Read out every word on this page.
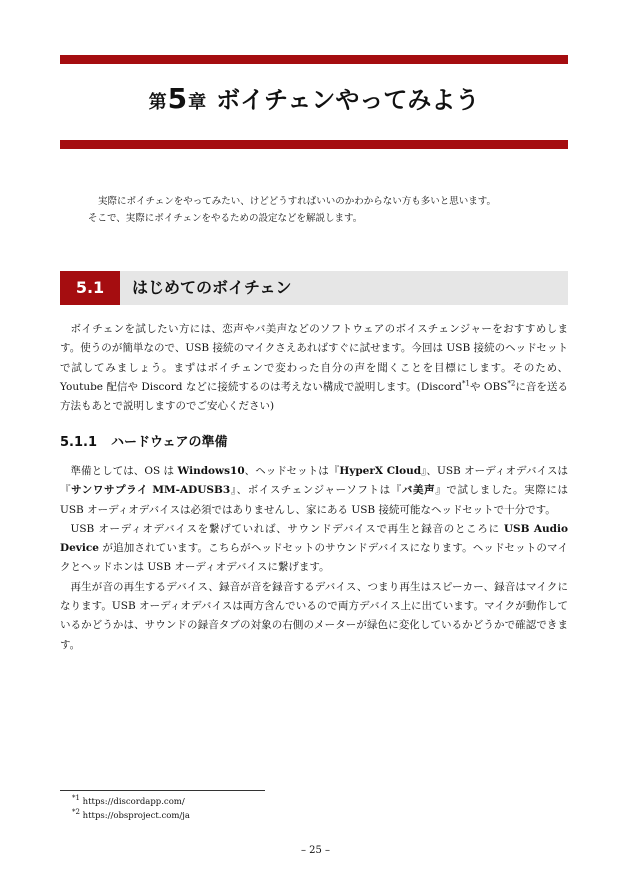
第5章 ボイチェンやってみよう

実際にボイチェンをやってみたい、けどどうすればいいのかわからない方も多いと思います。

そこで、実際にボイチェンをやるための設定などを解説します。

5.1	はじめてのボイチェン

ボイチェンを試したい方には、恋声やバ美声などのソフトウェアのボイスチェンジャーをおすすめします。使うのが簡単なので、USB 接続のマイクさえあればすぐに試せます。今回は USB 接続のヘッドセットで試してみましょう。まずはボイチェンで変わった自分の声を聞くことを目標にします。そのため、Youtube 配信や Discord などに接続するのは考えない構成で説明します。(Discord$^{*1}$や OBS$^{*2}$に音を送る方法もあとで説明しますのでご安心ください)

5.1.1 ハードウェアの準備

準備としては、OS は Windows10、ヘッドセットは『HyperX Cloud』、USB オーディオデバイスは『サンワサプライ MM-ADUSB3』、ボイスチェンジャーソフトは『バ美声』で試しました。実際には USB オーディオデバイスは必須ではありませんし、家にある USB 接続可能なヘッドセットで十分です。

USB オーディオデバイスを繋げていれば、サウンドデバイスで再生と録音のところに USB Audio Device が追加されています。こちらがヘッドセットのサウンドデバイスになります。ヘッドセットのマイクとヘッドホンは USB オーディオデバイスに繋げます。

再生が音の再生するデバイス、録音が音を録音するデバイス、つまり再生はスピーカー、録音はマイクになります。USB オーディオデバイスは両方含んでいるので両方デバイス上に出ています。マイクが動作しているかどうかは、サウンドの録音タブの対象の右側のメーターが緑色に変化しているかどうかで確認できます。

$^{*1}$ https://discordapp.com/
$^{*2}$ https://obsproject.com/ja
– 25 –
